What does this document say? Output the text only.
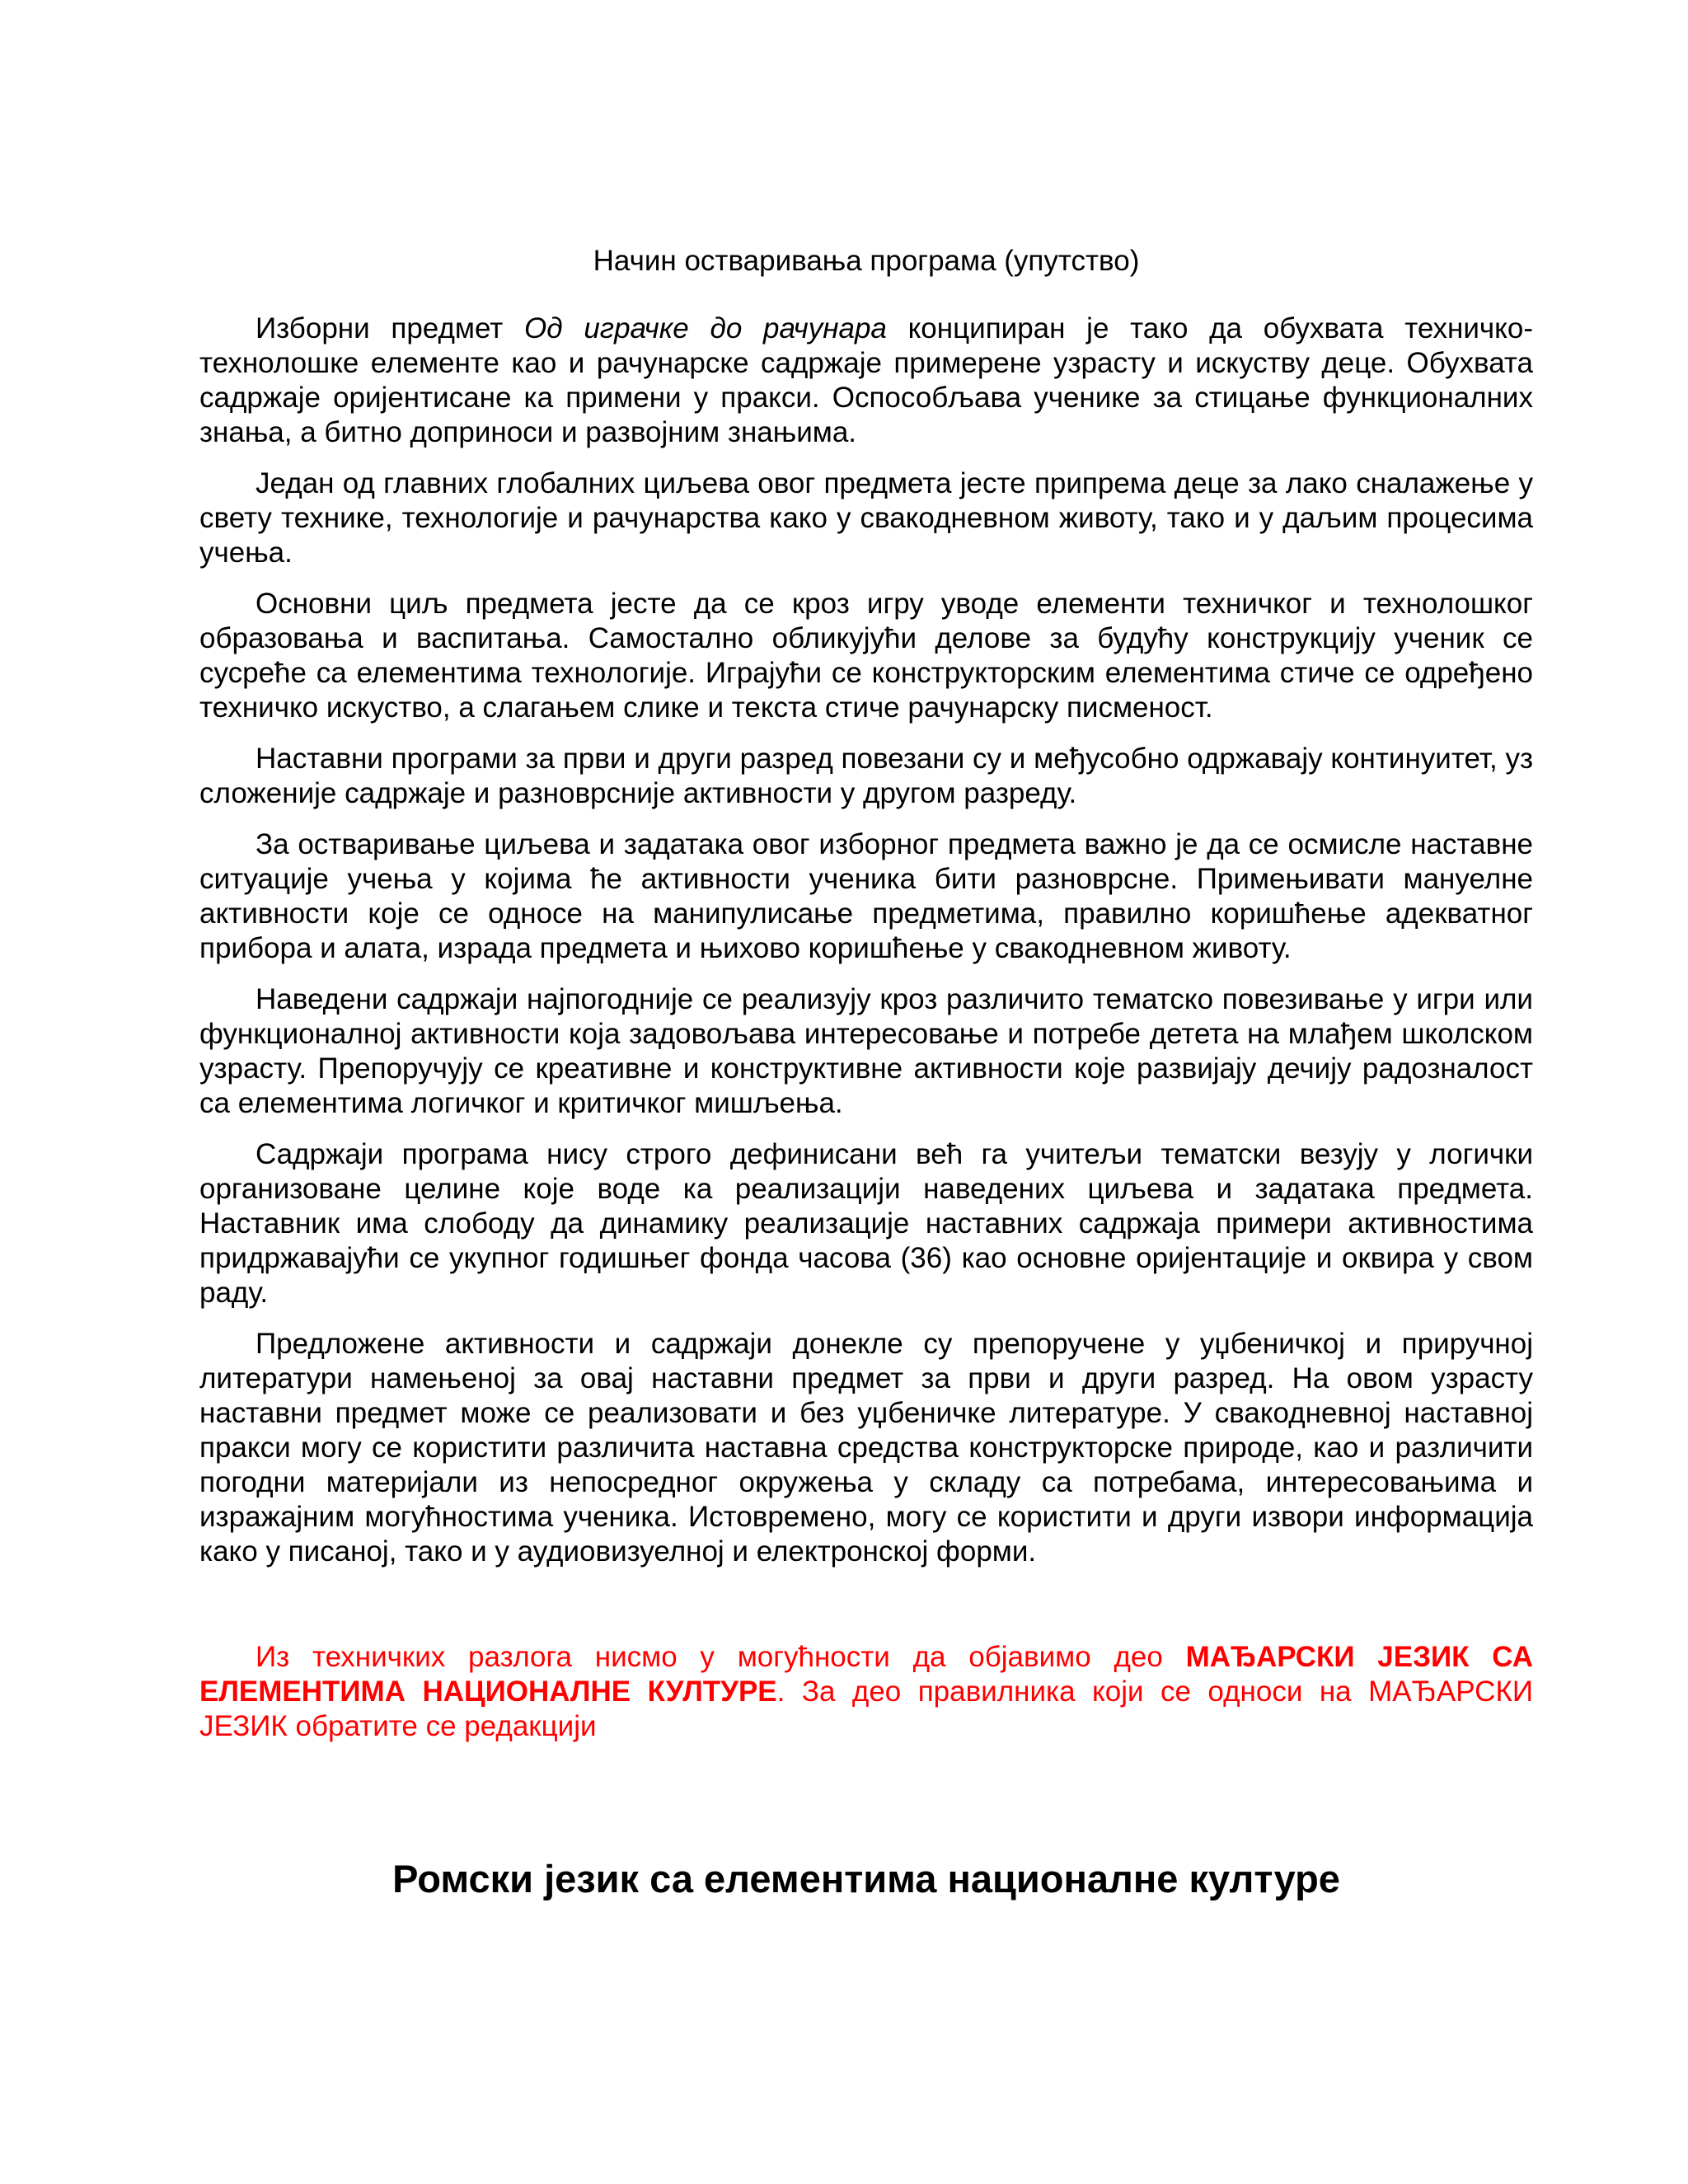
Начин остваривања програма (упутство)

Изборни предмет Од играчке до рачунара конципиран је тако да обухвата техничко-технолошке елементе као и рачунарске садржаје примерене узрасту и искуству деце. Обухвата садржаје оријентисане ка примени у пракси. Оспособљава ученике за стицање функционалних знања, а битно доприноси и развојним знањима.

Један од главних глобалних циљева овог предмета јесте припрема деце за лако сналажење у свету технике, технологије и рачунарства како у свакодневном животу, тако и у даљим процесима учења.

Основни циљ предмета јесте да се кроз игру уводе елементи техничког и технолошког образовања и васпитања. Самостално обликујући делове за будућу конструкцију ученик се сусреће са елементима технологије. Играјући се конструкторским елементима стиче се одређено техничко искуство, а слагањем слике и текста стиче рачунарску писменост.

Наставни програми за први и други разред повезани су и међусобно одржавају континуитет, уз сложеније садржаје и разноврсније активности у другом разреду.

За остваривање циљева и задатака овог изборног предмета важно је да се осмисле наставне ситуације учења у којима ће активности ученика бити разноврсне. Примењивати мануелне активности које се односе на манипулисање предметима, правилно коришћење адекватног прибора и алата, израда предмета и њихово коришћење у свакодневном животу.

Наведени садржаји најпогодније се реализују кроз различито тематско повезивање у игри или функционалној активности која задовољава интересовање и потребе детета на млађем школском узрасту. Препоручују се креативне и конструктивне активности које развијају дечију радозналост са елементима логичког и критичког мишљења.

Садржаји програма нису строго дефинисани већ га учитељи тематски везују у логички организоване целине које воде ка реализацији наведених циљева и задатака предмета. Наставник има слободу да динамику реализације наставних садржаја примери активностима придржавајући се укупног годишњег фонда часова (36) као основне оријентације и оквира у свом раду.

Предложене активности и садржаји донекле су препоручене у уџбеничкој и приручној литератури намењеној за овај наставни предмет за први и други разред. На овом узрасту наставни предмет може се реализовати и без уџбеничке литературе. У свакодневној наставној пракси могу се користити различита наставна средства конструкторске природе, као и различити погодни материјали из непосредног окружења у складу са потребама, интересовањима и изражајним могућностима ученика. Истовремено, могу се користити и други извори информација како у писаној, тако и у аудиовизуелној и електронској форми.

Из техничких разлога нисмо у могућности да објавимо део МАЂАРСКИ ЈЕЗИК СА ЕЛЕМЕНТИМА НАЦИОНАЛНЕ КУЛТУРЕ. За део правилника који се односи на МАЂАРСКИ ЈЕЗИК обратите се редакцији

Ромски језик са елементима националне културе
